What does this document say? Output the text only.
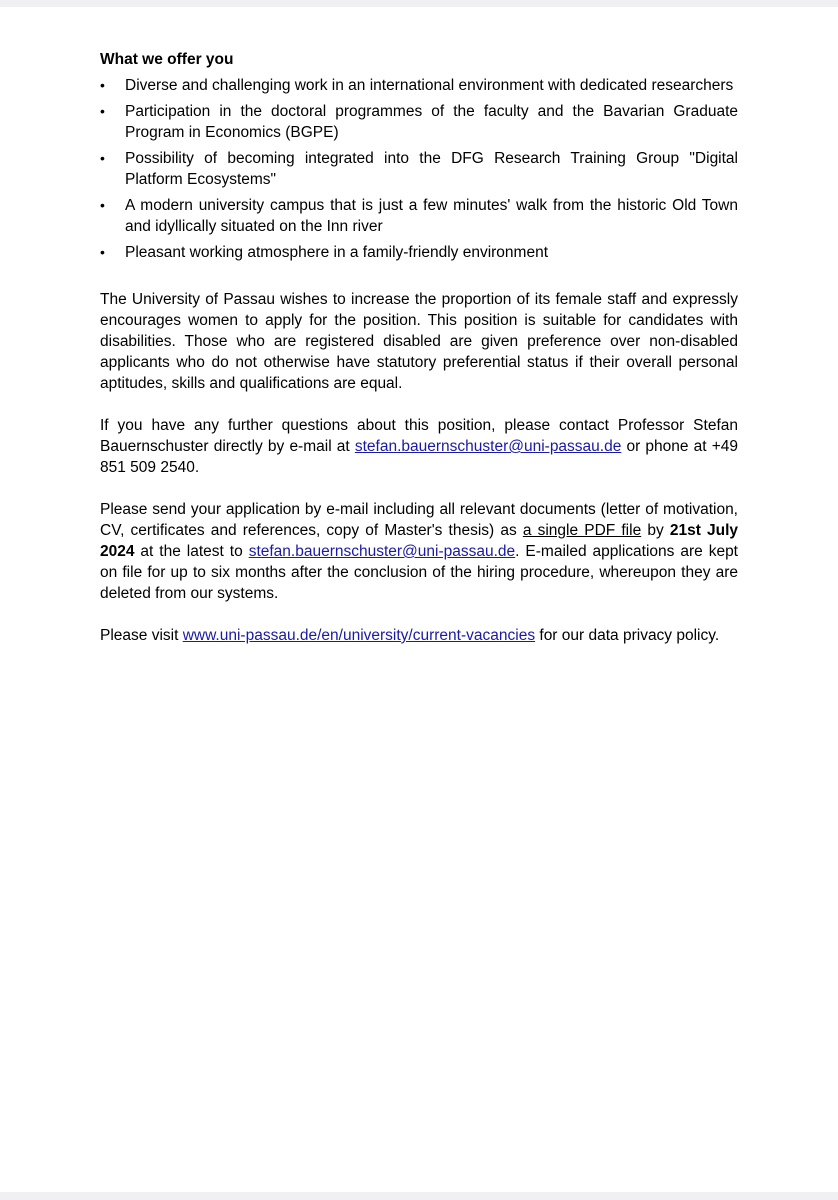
What we offer you
•	Diverse and challenging work in an international environment with dedicated researchers
•	Participation in the doctoral programmes of the faculty and the Bavarian Graduate Program in Economics (BGPE)
•	Possibility of becoming integrated into the DFG Research Training Group "Digital Platform Ecosystems"
•	A modern university campus that is just a few minutes' walk from the historic Old Town and idyllically situated on the Inn river
•	Pleasant working atmosphere in a family-friendly environment

The University of Passau wishes to increase the proportion of its female staff and expressly encourages women to apply for the position. This position is suitable for candidates with disabilities. Those who are registered disabled are given preference over non-disabled applicants who do not otherwise have statutory preferential status if their overall personal aptitudes, skills and qualifications are equal.

If you have any further questions about this position, please contact Professor Stefan Bauernschuster directly by e-mail at stefan.bauernschuster@uni-passau.de or phone at +49 851 509 2540.

Please send your application by e-mail including all relevant documents (letter of motivation, CV, certificates and references, copy of Master's thesis) as a single PDF file by 21st July 2024 at the latest to stefan.bauernschuster@uni-passau.de. E-mailed applications are kept on file for up to six months after the conclusion of the hiring procedure, whereupon they are deleted from our systems.

Please visit www.uni-passau.de/en/university/current-vacancies for our data privacy policy.
